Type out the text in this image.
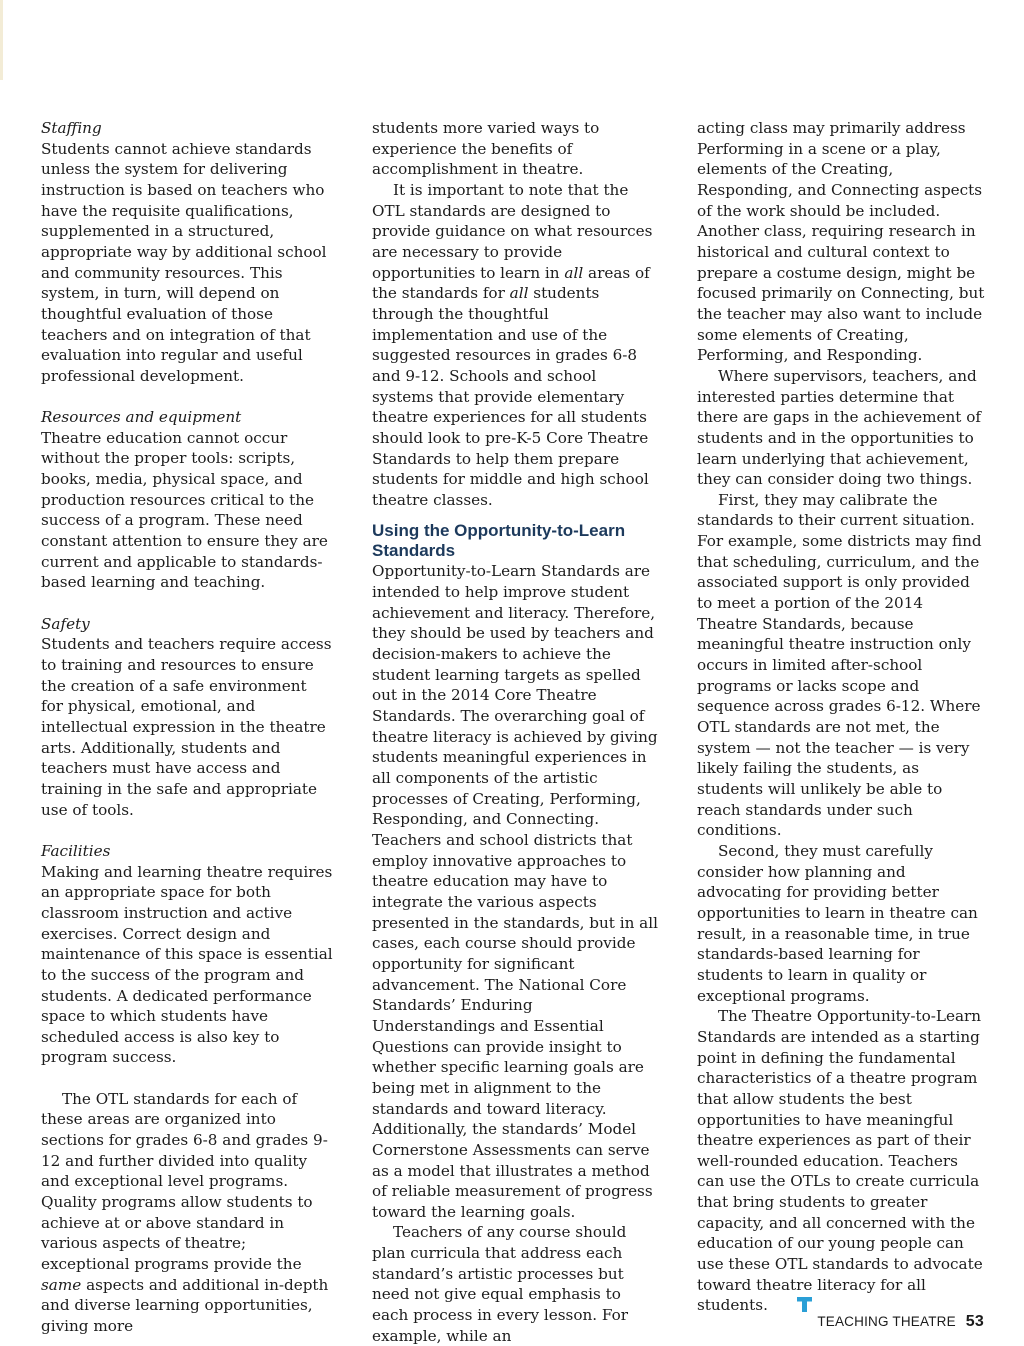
Staffing

Students cannot achieve standards unless the system for delivering instruction is based on teachers who have the requisite qualifications, supplemented in a structured, appropriate way by additional school and community resources. This system, in turn, will depend on thoughtful evaluation of those teachers and on integration of that evaluation into regular and useful professional development.

Resources and equipment

Theatre education cannot occur without the proper tools: scripts, books, media, physical space, and production resources critical to the success of a program. These need constant attention to ensure they are current and applicable to standards-based learning and teaching.

Safety

Students and teachers require access to training and resources to ensure the creation of a safe environment for physical, emotional, and intellectual expression in the theatre arts. Additionally, students and teachers must have access and training in the safe and appropriate use of tools.

Facilities

Making and learning theatre requires an appropriate space for both classroom instruction and active exercises. Correct design and maintenance of this space is essential to the success of the program and students. A dedicated performance space to which students have scheduled access is also key to program success.

The OTL standards for each of these areas are organized into sections for grades 6-8 and grades 9-12 and further divided into quality and exceptional level programs. Quality programs allow students to achieve at or above standard in various aspects of theatre; exceptional programs provide the same aspects and additional in-depth and diverse learning opportunities, giving more

students more varied ways to experience the benefits of accomplishment in theatre.

It is important to note that the OTL standards are designed to provide guidance on what resources are necessary to provide opportunities to learn in all areas of the standards for all students through the thoughtful implementation and use of the suggested resources in grades 6-8 and 9-12. Schools and school systems that provide elementary theatre experiences for all students should look to pre-K-5 Core Theatre Standards to help them prepare students for middle and high school theatre classes.

Using the Opportunity-to-Learn Standards

Opportunity-to-Learn Standards are intended to help improve student achievement and literacy. Therefore, they should be used by teachers and decision-makers to achieve the student learning targets as spelled out in the 2014 Core Theatre Standards. The overarching goal of theatre literacy is achieved by giving students meaningful experiences in all components of the artistic processes of Creating, Performing, Responding, and Connecting. Teachers and school districts that employ innovative approaches to theatre education may have to integrate the various aspects presented in the standards, but in all cases, each course should provide opportunity for significant advancement. The National Core Standards’ Enduring Understandings and Essential Questions can provide insight to whether specific learning goals are being met in alignment to the standards and toward literacy. Additionally, the standards’ Model Cornerstone Assessments can serve as a model that illustrates a method of reliable measurement of progress toward the learning goals.

Teachers of any course should plan curricula that address each standard’s artistic processes but need not give equal emphasis to each process in every lesson. For example, while an

acting class may primarily address Performing in a scene or a play, elements of the Creating, Responding, and Connecting aspects of the work should be included. Another class, requiring research in historical and cultural context to prepare a costume design, might be focused primarily on Connecting, but the teacher may also want to include some elements of Creating, Performing, and Responding.

Where supervisors, teachers, and interested parties determine that there are gaps in the achievement of students and in the opportunities to learn underlying that achievement, they can consider doing two things.

First, they may calibrate the standards to their current situation. For example, some districts may find that scheduling, curriculum, and the associated support is only provided to meet a portion of the 2014 Theatre Standards, because meaningful theatre instruction only occurs in limited after-school programs or lacks scope and sequence across grades 6-12. Where OTL standards are not met, the system — not the teacher — is very likely failing the students, as students will unlikely be able to reach standards under such conditions.

Second, they must carefully consider how planning and advocating for providing better opportunities to learn in theatre can result, in a reasonable time, in true standards-based learning for students to learn in quality or exceptional programs.

The Theatre Opportunity-to-Learn Standards are intended as a starting point in defining the fundamental characteristics of a theatre program that allow students the best opportunities to have meaningful theatre experiences as part of their well-rounded education. Teachers can use the OTLs to create curricula that bring students to greater capacity, and all concerned with the education of our young people can use these OTL standards to advocate toward theatre literacy for all students.

TEACHING THEATRE 53
